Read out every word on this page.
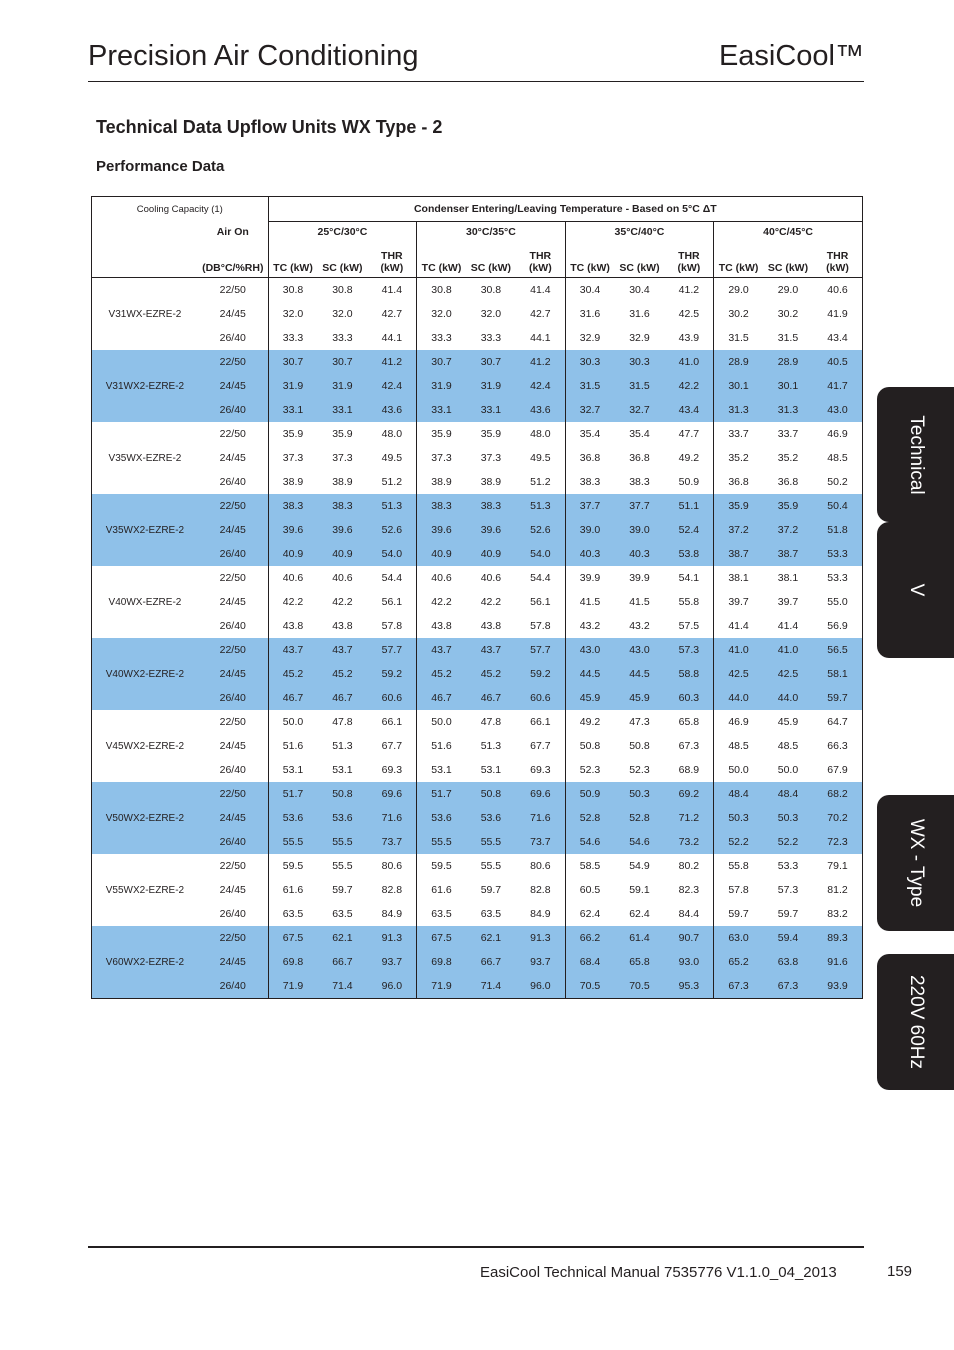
Precision Air Conditioning	EasiCool™
Technical Data Upflow Units WX Type - 2
Performance Data
Cooling Capacity (1)		Condenser Entering/Leaving Temperature - Based on 5°C ΔT											
	Air On	25°C/30°C			30°C/35°C			35°C/40°C			40°C/45°C		
	(DB°C/%RH)	TC (kW)	SC (kW)	THR
(kW)	TC (kW)	SC (kW)	THR
(kW)	TC (kW)	SC (kW)	THR
(kW)	TC (kW)	SC (kW)	THR
(kW)
V31WX-EZRE-2	22/50	30.8	30.8	41.4	30.8	30.8	41.4	30.4	30.4	41.2	29.0	29.0	40.6
	24/45	32.0	32.0	42.7	32.0	32.0	42.7	31.6	31.6	42.5	30.2	30.2	41.9
	26/40	33.3	33.3	44.1	33.3	33.3	44.1	32.9	32.9	43.9	31.5	31.5	43.4
V31WX2-EZRE-2	22/50	30.7	30.7	41.2	30.7	30.7	41.2	30.3	30.3	41.0	28.9	28.9	40.5
	24/45	31.9	31.9	42.4	31.9	31.9	42.4	31.5	31.5	42.2	30.1	30.1	41.7
	26/40	33.1	33.1	43.6	33.1	33.1	43.6	32.7	32.7	43.4	31.3	31.3	43.0
V35WX-EZRE-2	22/50	35.9	35.9	48.0	35.9	35.9	48.0	35.4	35.4	47.7	33.7	33.7	46.9
	24/45	37.3	37.3	49.5	37.3	37.3	49.5	36.8	36.8	49.2	35.2	35.2	48.5
	26/40	38.9	38.9	51.2	38.9	38.9	51.2	38.3	38.3	50.9	36.8	36.8	50.2
V35WX2-EZRE-2	22/50	38.3	38.3	51.3	38.3	38.3	51.3	37.7	37.7	51.1	35.9	35.9	50.4
	24/45	39.6	39.6	52.6	39.6	39.6	52.6	39.0	39.0	52.4	37.2	37.2	51.8
	26/40	40.9	40.9	54.0	40.9	40.9	54.0	40.3	40.3	53.8	38.7	38.7	53.3
V40WX-EZRE-2	22/50	40.6	40.6	54.4	40.6	40.6	54.4	39.9	39.9	54.1	38.1	38.1	53.3
	24/45	42.2	42.2	56.1	42.2	42.2	56.1	41.5	41.5	55.8	39.7	39.7	55.0
	26/40	43.8	43.8	57.8	43.8	43.8	57.8	43.2	43.2	57.5	41.4	41.4	56.9
V40WX2-EZRE-2	22/50	43.7	43.7	57.7	43.7	43.7	57.7	43.0	43.0	57.3	41.0	41.0	56.5
	24/45	45.2	45.2	59.2	45.2	45.2	59.2	44.5	44.5	58.8	42.5	42.5	58.1
	26/40	46.7	46.7	60.6	46.7	46.7	60.6	45.9	45.9	60.3	44.0	44.0	59.7
V45WX2-EZRE-2	22/50	50.0	47.8	66.1	50.0	47.8	66.1	49.2	47.3	65.8	46.9	45.9	64.7
	24/45	51.6	51.3	67.7	51.6	51.3	67.7	50.8	50.8	67.3	48.5	48.5	66.3
	26/40	53.1	53.1	69.3	53.1	53.1	69.3	52.3	52.3	68.9	50.0	50.0	67.9
V50WX2-EZRE-2	22/50	51.7	50.8	69.6	51.7	50.8	69.6	50.9	50.3	69.2	48.4	48.4	68.2
	24/45	53.6	53.6	71.6	53.6	53.6	71.6	52.8	52.8	71.2	50.3	50.3	70.2
	26/40	55.5	55.5	73.7	55.5	55.5	73.7	54.6	54.6	73.2	52.2	52.2	72.3
V55WX2-EZRE-2	22/50	59.5	55.5	80.6	59.5	55.5	80.6	58.5	54.9	80.2	55.8	53.3	79.1
	24/45	61.6	59.7	82.8	61.6	59.7	82.8	60.5	59.1	82.3	57.8	57.3	81.2
	26/40	63.5	63.5	84.9	63.5	63.5	84.9	62.4	62.4	84.4	59.7	59.7	83.2
V60WX2-EZRE-2	22/50	67.5	62.1	91.3	67.5	62.1	91.3	66.2	61.4	90.7	63.0	59.4	89.3
	24/45	69.8	66.7	93.7	69.8	66.7	93.7	68.4	65.8	93.0	65.2	63.8	91.6
	26/40	71.9	71.4	96.0	71.9	71.4	96.0	70.5	70.5	95.3	67.3	67.3	93.9
Technical
V
WX - Type
220V 60Hz
EasiCool Technical Manual 7535776 V1.1.0_04_2013	159
